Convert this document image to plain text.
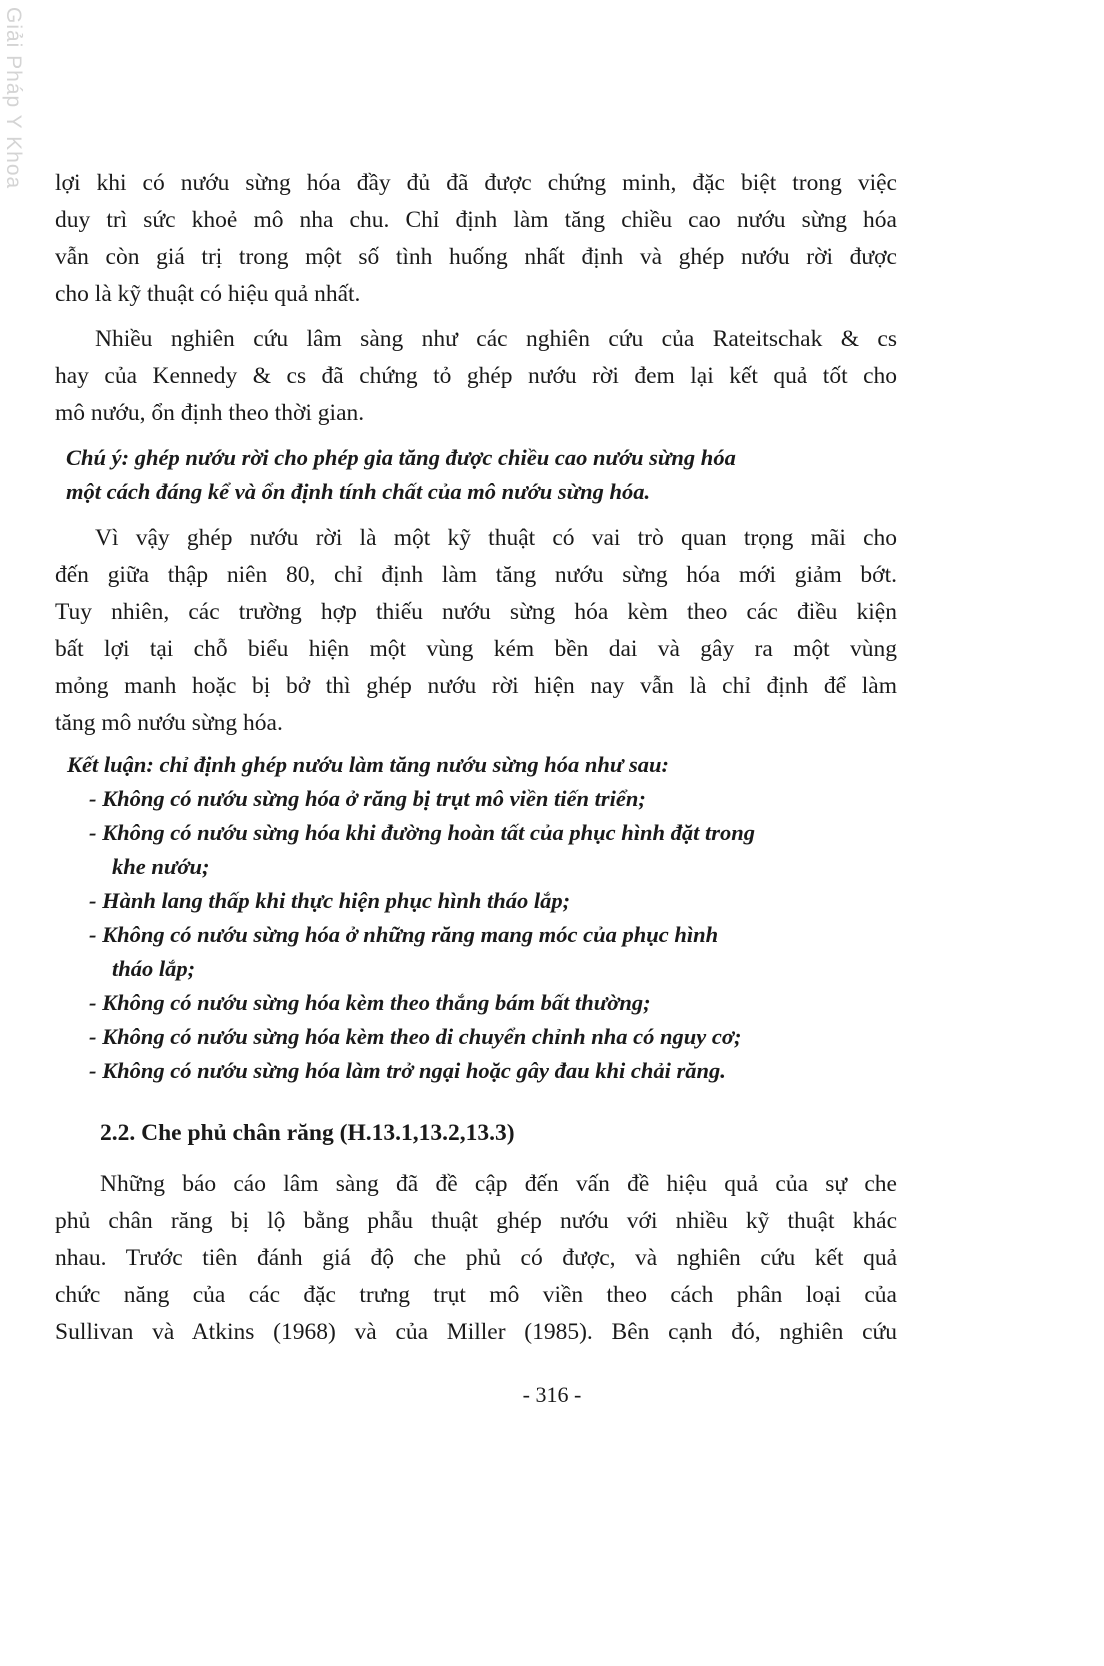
Giải Pháp Y Khoa lợi khi có nướu sừng hóa đầy đủ đã được chứng minh, đặc biệt trong việc
duy trì sức khoẻ mô nha chu. Chỉ định làm tăng chiều cao nướu sừng hóa
vẫn còn giá trị trong một số tình huống nhất định và ghép nướu rời được
cho là kỹ thuật có hiệu quả nhất.
Nhiều nghiên cứu lâm sàng như các nghiên cứu của Rateitschak & cs
hay của Kennedy & cs đã chứng tỏ ghép nướu rời đem lại kết quả tốt cho
mô nướu, ổn định theo thời gian.
Chú ý: ghép nướu rời cho phép gia tăng được chiều cao nướu sừng hóa
một cách đáng kể và ổn định tính chất của mô nướu sừng hóa.
Vì vậy ghép nướu rời là một kỹ thuật có vai trò quan trọng mãi cho
đến giữa thập niên 80, chỉ định làm tăng nướu sừng hóa mới giảm bớt.
Tuy nhiên, các trường hợp thiếu nướu sừng hóa kèm theo các điều kiện
bất lợi tại chỗ biểu hiện một vùng kém bền dai và gây ra một vùng
mỏng manh hoặc bị bở thì ghép nướu rời hiện nay vẫn là chỉ định để làm
tăng mô nướu sừng hóa.
Kết luận: chỉ định ghép nướu làm tăng nướu sừng hóa như sau:
- Không có nướu sừng hóa ở răng bị trụt mô viền tiến triển;
- Không có nướu sừng hóa khi đường hoàn tất của phục hình đặt trong
khe nướu;
- Hành lang thấp khi thực hiện phục hình tháo lắp;
- Không có nướu sừng hóa ở những răng mang móc của phục hình
tháo lắp;
- Không có nướu sừng hóa kèm theo thắng bám bất thường;
- Không có nướu sừng hóa kèm theo di chuyển chỉnh nha có nguy cơ;
- Không có nướu sừng hóa làm trở ngại hoặc gây đau khi chải răng.
2.2. Che phủ chân răng (H.13.1,13.2,13.3)
Những báo cáo lâm sàng đã đề cập đến vấn đề hiệu quả của sự che
phủ chân răng bị lộ bằng phẫu thuật ghép nướu với nhiều kỹ thuật khác
nhau. Trước tiên đánh giá độ che phủ có được, và nghiên cứu kết quả
chức năng của các đặc trưng trụt mô viền theo cách phân loại của
Sullivan và Atkins (1968) và của Miller (1985). Bên cạnh đó, nghiên cứu
- 316 -
